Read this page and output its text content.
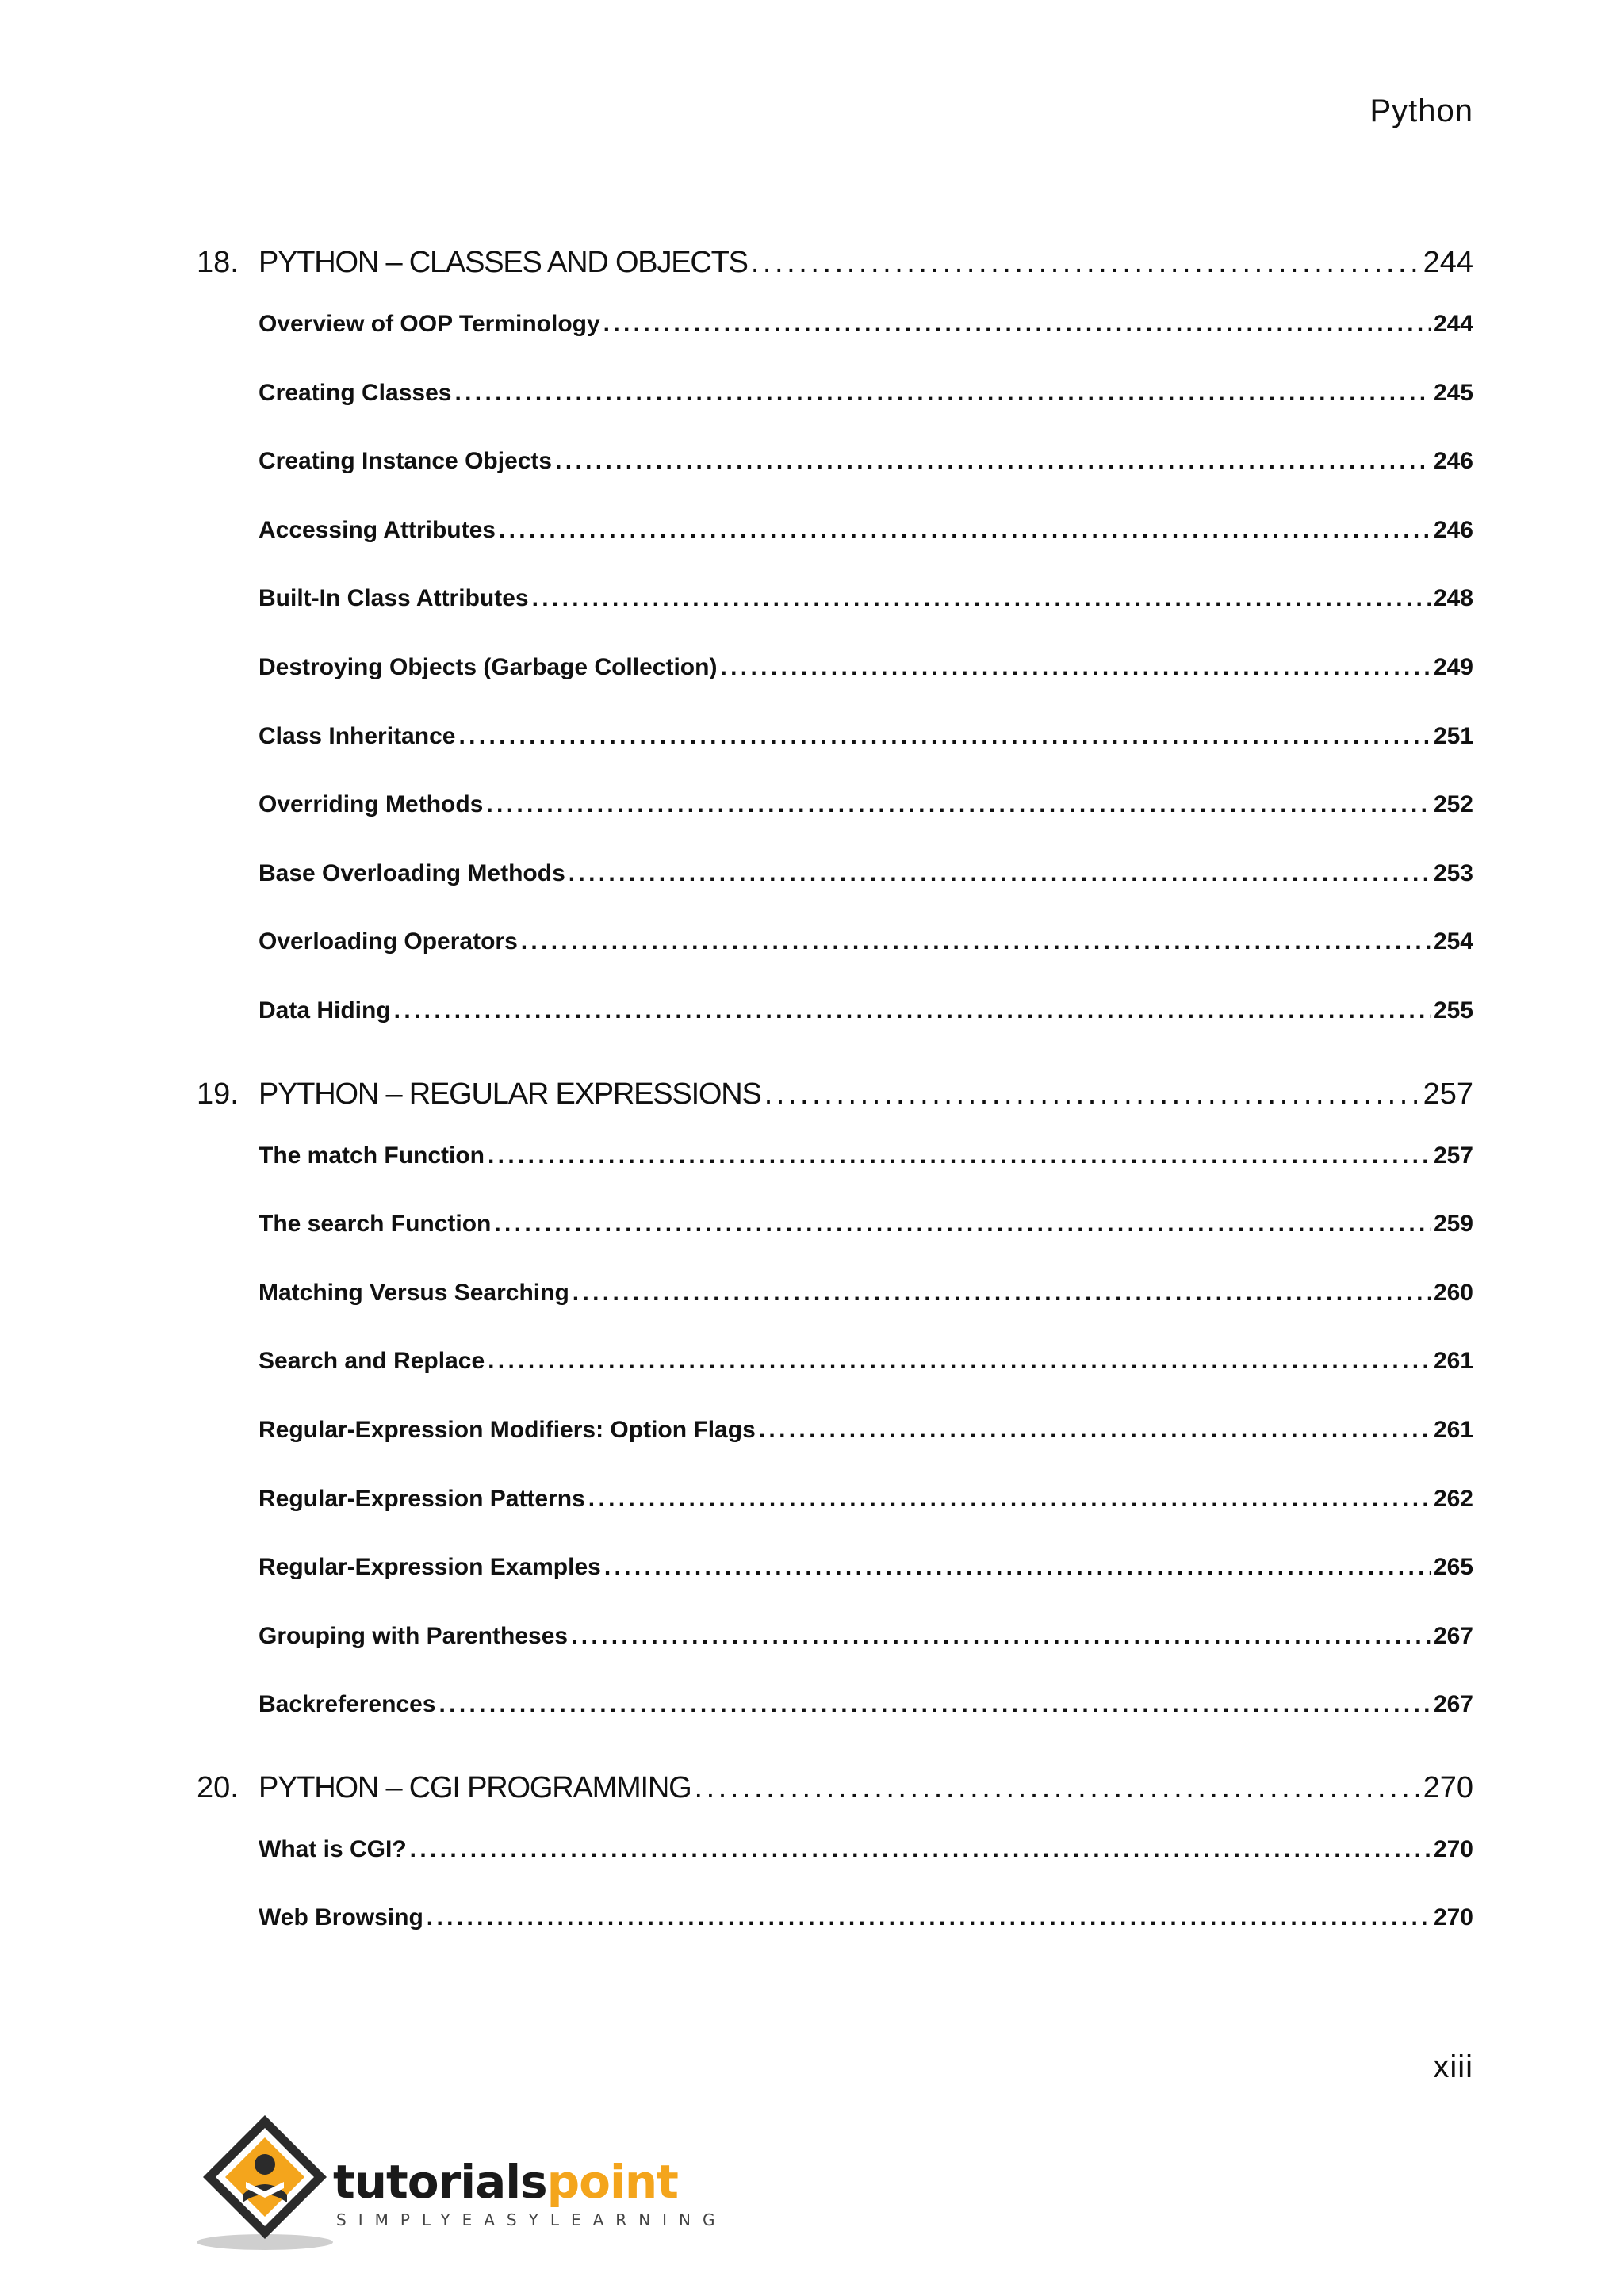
Python
18. PYTHON – CLASSES AND OBJECTS . . .	244
Overview of OOP Terminology . . .	244
Creating Classes . . .	245
Creating Instance Objects . . .	246
Accessing Attributes . . .	246
Built-In Class Attributes . . .	248
Destroying Objects (Garbage Collection) . . .	249
Class Inheritance . . .	251
Overriding Methods . . .	252
Base Overloading Methods . . .	253
Overloading Operators . . .	254
Data Hiding . . .	255
19. PYTHON – REGULAR EXPRESSIONS . . .	257
The match Function . . .	257
The search Function . . .	259
Matching Versus Searching . . .	260
Search and Replace . . .	261
Regular-Expression Modifiers: Option Flags . . .	261
Regular-Expression Patterns . . .	262
Regular-Expression Examples . . .	265
Grouping with Parentheses . . .	267
Backreferences . . .	267
20. PYTHON – CGI PROGRAMMING . . .	270
What is CGI? . . .	270
Web Browsing . . .	270
xiii
tutorialspoint
SIMPLYEASYLEARNING
